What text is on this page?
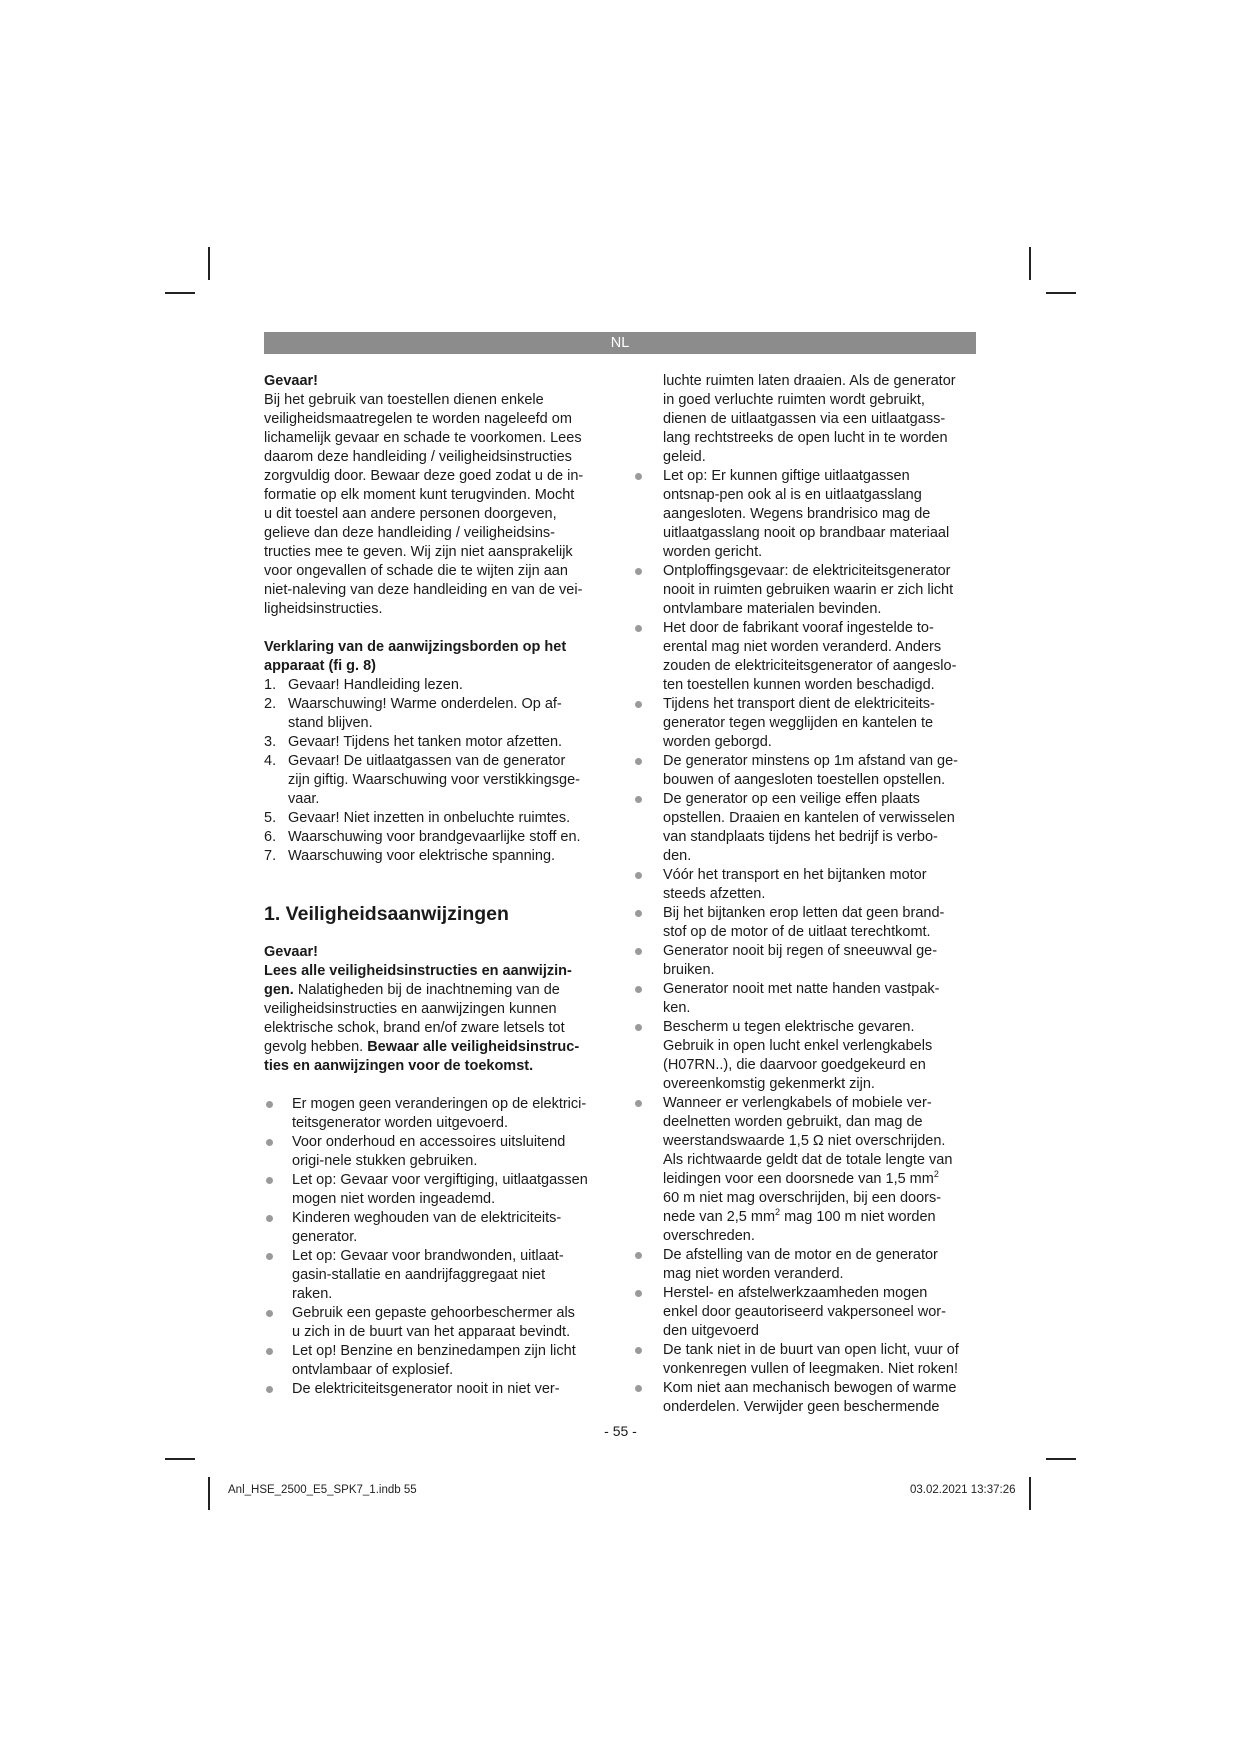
NL

Gevaar!

Bij het gebruik van toestellen dienen enkele

veiligheidsmaatregelen te worden nageleefd om

lichamelijk gevaar en schade te voorkomen. Lees

daarom deze handleiding / veiligheidsinstructies

zorgvuldig door. Bewaar deze goed zodat u de in-

formatie op elk moment kunt terugvinden. Mocht

u dit toestel aan andere personen doorgeven,

gelieve dan deze handleiding / veiligheidsins-

tructies mee te geven. Wij zijn niet aansprakelijk

voor ongevallen of schade die te wijten zijn aan

niet-naleving van deze handleiding en van de vei-

ligheidsinstructies.

Verklaring van de aanwijzingsborden op het

apparaat (fi g. 8)

1. Gevaar! Handleiding lezen.
2. Waarschuwing! Warme onderdelen. Op af-
stand blijven.
3. Gevaar! Tijdens het tanken motor afzetten.
4. Gevaar! De uitlaatgassen van de generator
zijn giftig. Waarschuwing voor verstikkingsge-
vaar.
5. Gevaar! Niet inzetten in onbeluchte ruimtes.
6. Waarschuwing voor brandgevaarlijke stoff en.
7. Waarschuwing voor elektrische spanning.
1. Veiligheidsaanwijzingen

Gevaar!

Lees alle veiligheidsinstructies en aanwijzin-

gen. Nalatigheden bij de inachtneming van de

veiligheidsinstructies en aanwijzingen kunnen

elektrische schok, brand en/of zware letsels tot

gevolg hebben. Bewaar alle veiligheidsinstruc-

ties en aanwijzingen voor de toekomst.

Er mogen geen veranderingen op de elektrici-
teitsgenerator worden uitgevoerd.
Voor onderhoud en accessoires uitsluitend
origi-nele stukken gebruiken.
Let op: Gevaar voor vergiftiging, uitlaatgassen
mogen niet worden ingeademd.
Kinderen weghouden van de elektriciteits-
generator.
Let op: Gevaar voor brandwonden, uitlaat-
gasin-stallatie en aandrijfaggregaat niet
raken.
Gebruik een gepaste gehoorbeschermer als
u zich in de buurt van het apparaat bevindt.
Let op! Benzine en benzinedampen zijn licht
ontvlambaar of explosief.
De elektriciteitsgenerator nooit in niet ver-
luchte ruimten laten draaien. Als de generator
in goed verluchte ruimten wordt gebruikt,
dienen de uitlaatgassen via een uitlaatgass-
lang rechtstreeks de open lucht in te worden
geleid.
Let op: Er kunnen giftige uitlaatgassen
ontsnap-pen ook al is en uitlaatgasslang
aangesloten. Wegens brandrisico mag de
uitlaatgasslang nooit op brandbaar materiaal
worden gericht.
Ontploffingsgevaar: de elektriciteitsgenerator
nooit in ruimten gebruiken waarin er zich licht
ontvlambare materialen bevinden.
Het door de fabrikant vooraf ingestelde to-
erental mag niet worden veranderd. Anders
zouden de elektriciteitsgenerator of aangeslo-
ten toestellen kunnen worden beschadigd.
Tijdens het transport dient de elektriciteits-
generator tegen wegglijden en kantelen te
worden geborgd.
De generator minstens op 1m afstand van ge-
bouwen of aangesloten toestellen opstellen.
De generator op een veilige effen plaats
opstellen. Draaien en kantelen of verwisselen
van standplaats tijdens het bedrijf is verbo-
den.
Vóór het transport en het bijtanken motor
steeds afzetten.
Bij het bijtanken erop letten dat geen brand-
stof op de motor of de uitlaat terechtkomt.
Generator nooit bij regen of sneeuwval ge-
bruiken.
Generator nooit met natte handen vastpak-
ken.
Bescherm u tegen elektrische gevaren.
Gebruik in open lucht enkel verlengkabels
(H07RN..), die daarvoor goedgekeurd en
overeenkomstig gekenmerkt zijn.
Wanneer er verlengkabels of mobiele ver-
deelnetten worden gebruikt, dan mag de
weerstandswaarde 1,5 Ω niet overschrijden.
Als richtwaarde geldt dat de totale lengte van
leidingen voor een doorsnede van 1,5 $mm^2$
60 m niet mag overschrijden, bij een doors-
nede van 2,5 $mm^2$ mag 100 m niet worden
overschreden.
De afstelling van de motor en de generator
mag niet worden veranderd.
Herstel- en afstelwerkzaamheden mogen
enkel door geautoriseerd vakpersoneel wor-
den uitgevoerd
De tank niet in de buurt van open licht, vuur of
vonkenregen vullen of leegmaken. Niet roken!
Kom niet aan mechanisch bewogen of warme
onderdelen. Verwijder geen beschermende
- 55 -
Anl_HSE_2500_E5_SPK7_1.indb 55	03.02.2021 13:37:26
